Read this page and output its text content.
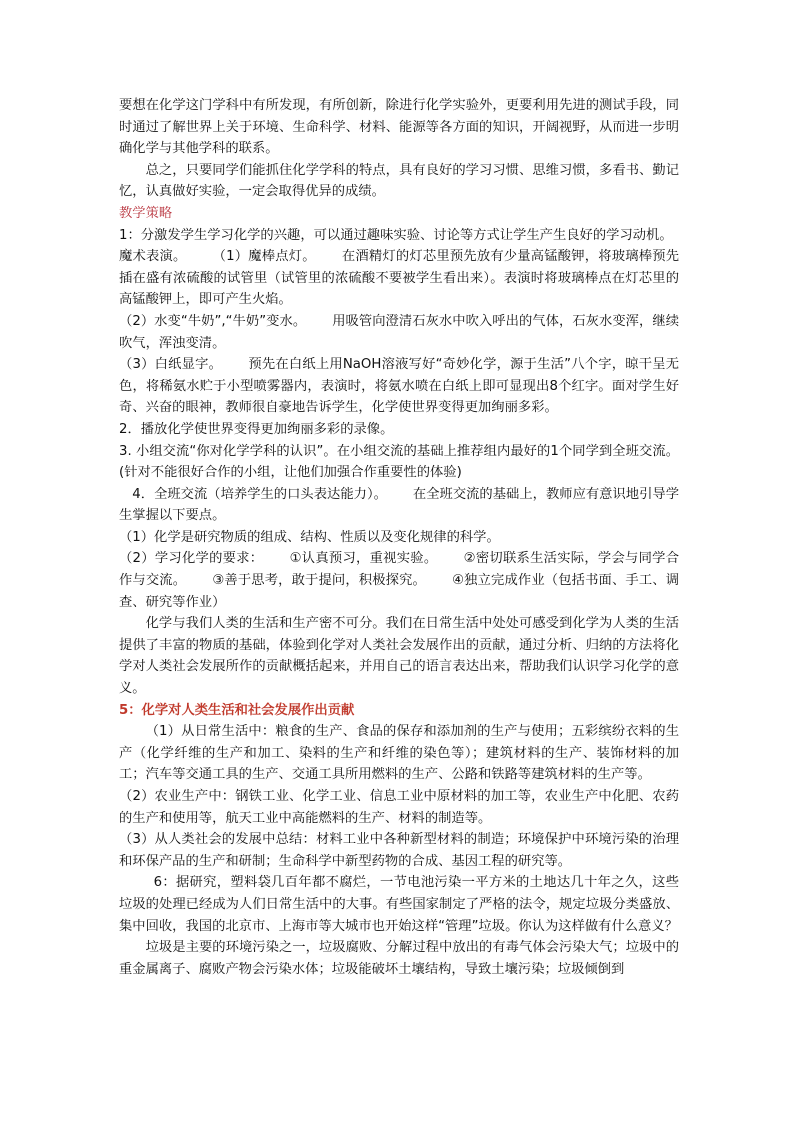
要想在化学这门学科中有所发现，有所创新，除进行化学实验外，更要利用先进的测试手段，同时通过了解世界上关于环境、生命科学、材料、能源等各方面的知识，开阔视野，从而进一步明确化学与其他学科的联系。

总之，只要同学们能抓住化学学科的特点，具有良好的学习习惯、思维习惯，多看书、勤记忆，认真做好实验，一定会取得优异的成绩。

教学策略

1：分激发学生学习化学的兴趣，可以通过趣味实验、讨论等方式让学生产生良好的学习动机。

魔术表演。 （1）魔棒点灯。 在酒精灯的灯芯里预先放有少量高锰酸钾，将玻璃棒预先插在盛有浓硫酸的试管里（试管里的浓硫酸不要被学生看出来）。表演时将玻璃棒点在灯芯里的高锰酸钾上，即可产生火焰。

（2）水变“牛奶”,“牛奶”变水。 用吸管向澄清石灰水中吹入呼出的气体，石灰水变浑，继续吹气，浑浊变清。

（3）白纸显字。 预先在白纸上用NaOH溶液写好“奇妙化学，源于生活”八个字，晾干呈无色，将稀氨水贮于小型喷雾器内，表演时，将氨水喷在白纸上即可显现出8个红字。面对学生好奇、兴奋的眼神，教师很自豪地告诉学生，化学使世界变得更加绚丽多彩。

2．播放化学使世界变得更加绚丽多彩的录像。

3. 小组交流“你对化学学科的认识”。在小组交流的基础上推荐组内最好的1个同学到全班交流。(针对不能很好合作的小组，让他们加强合作重要性的体验)

4．全班交流（培养学生的口头表达能力）。 在全班交流的基础上，教师应有意识地引导学生掌握以下要点。

（1）化学是研究物质的组成、结构、性质以及变化规律的科学。

（2）学习化学的要求： ①认真预习，重视实验。 ②密切联系生活实际，学会与同学合作与交流。 ③善于思考，敢于提问，积极探究。 ④独立完成作业（包括书面、手工、调查、研究等作业）

化学与我们人类的生活和生产密不可分。我们在日常生活中处处可感受到化学为人类的生活提供了丰富的物质的基础，体验到化学对人类社会发展作出的贡献，通过分析、归纳的方法将化学对人类社会发展所作的贡献概括起来，并用自己的语言表达出来，帮助我们认识学习化学的意义。

5：化学对人类生活和社会发展作出贡献

（1）从日常生活中：粮食的生产、食品的保存和添加剂的生产与使用；五彩缤纷衣料的生产（化学纤维的生产和加工、染料的生产和纤维的染色等）；建筑材料的生产、装饰材料的加工；汽车等交通工具的生产、交通工具所用燃料的生产、公路和铁路等建筑材料的生产等。

（2）农业生产中：钢铁工业、化学工业、信息工业中原材料的加工等，农业生产中化肥、农药的生产和使用等，航天工业中高能燃料的生产、材料的制造等。

（3）从人类社会的发展中总结：材料工业中各种新型材料的制造；环境保护中环境污染的治理和环保产品的生产和研制；生命科学中新型药物的合成、基因工程的研究等。

6：据研究，塑料袋几百年都不腐烂，一节电池污染一平方米的土地达几十年之久，这些垃圾的处理已经成为人们日常生活中的大事。有些国家制定了严格的法令，规定垃圾分类盛放、集中回收，我国的北京市、上海市等大城市也开始这样“管理”垃圾。你认为这样做有什么意义？

垃圾是主要的环境污染之一，垃圾腐败、分解过程中放出的有毒气体会污染大气；垃圾中的重金属离子、腐败产物会污染水体；垃圾能破坏土壤结构，导致土壤污染；垃圾倾倒到
